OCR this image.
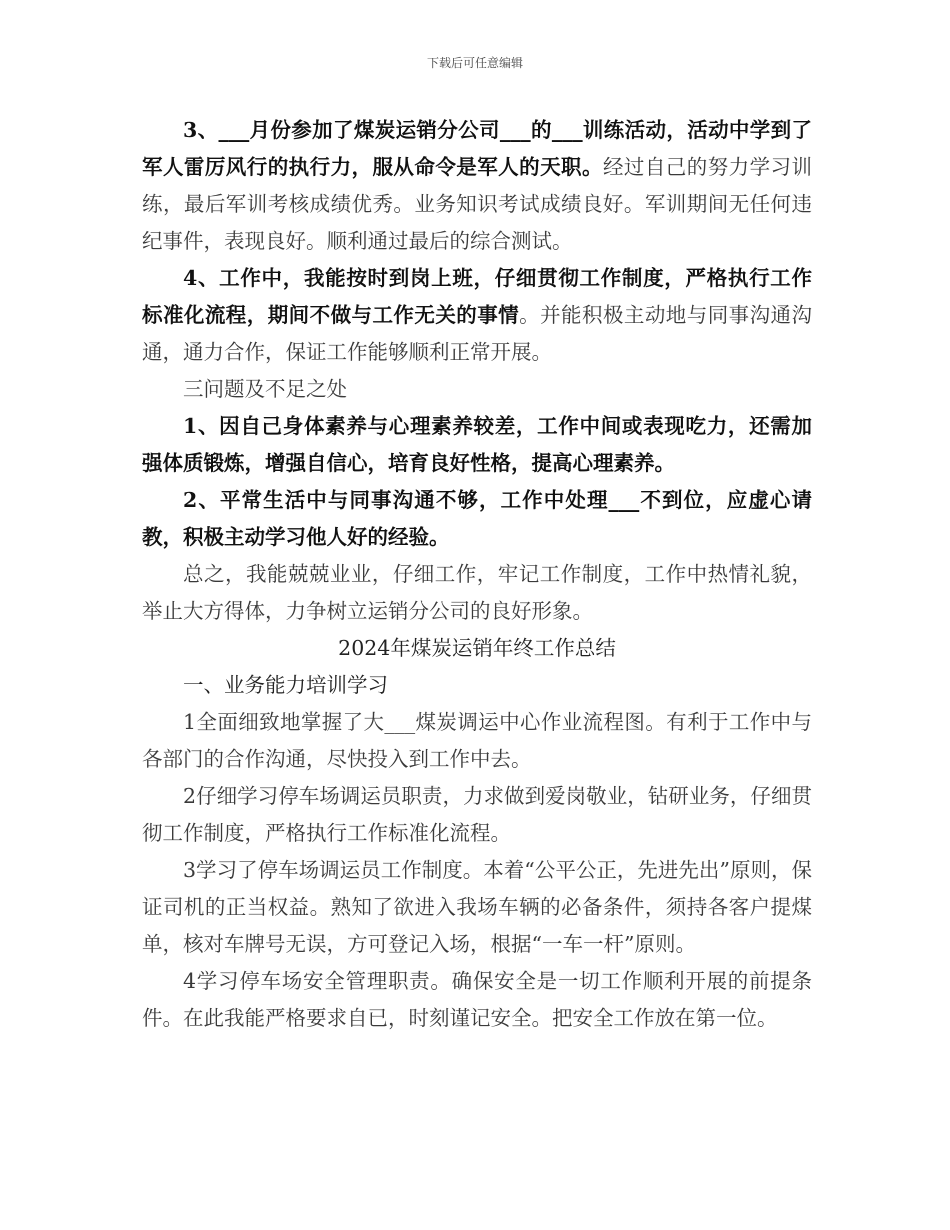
下载后可任意编辑

3、___月份参加了煤炭运销分公司___的___训练活动，活动中学到了军人雷厉风行的执行力，服从命令是军人的天职。经过自己的努力学习训练，最后军训考核成绩优秀。业务知识考试成绩良好。军训期间无任何违纪事件，表现良好。顺利通过最后的综合测试。

4、工作中，我能按时到岗上班，仔细贯彻工作制度，严格执行工作标准化流程，期间不做与工作无关的事情。并能积极主动地与同事沟通沟通，通力合作，保证工作能够顺利正常开展。

三问题及不足之处

1、因自己身体素养与心理素养较差，工作中间或表现吃力，还需加强体质锻炼，增强自信心，培育良好性格，提高心理素养。

2、平常生活中与同事沟通不够，工作中处理___不到位，应虚心请教，积极主动学习他人好的经验。

总之，我能兢兢业业，仔细工作，牢记工作制度，工作中热情礼貌，举止大方得体，力争树立运销分公司的良好形象。

2024年煤炭运销年终工作总结

一、业务能力培训学习

1全面细致地掌握了大___煤炭调运中心作业流程图。有利于工作中与各部门的合作沟通，尽快投入到工作中去。

2仔细学习停车场调运员职责，力求做到爱岗敬业，钻研业务，仔细贯彻工作制度，严格执行工作标准化流程。

3学习了停车场调运员工作制度。本着“公平公正，先进先出”原则，保证司机的正当权益。熟知了欲进入我场车辆的必备条件，须持各客户提煤单，核对车牌号无误，方可登记入场，根据“一车一杆”原则。

4学习停车场安全管理职责。确保安全是一切工作顺利开展的前提条件。在此我能严格要求自已，时刻谨记安全。把安全工作放在第一位。
